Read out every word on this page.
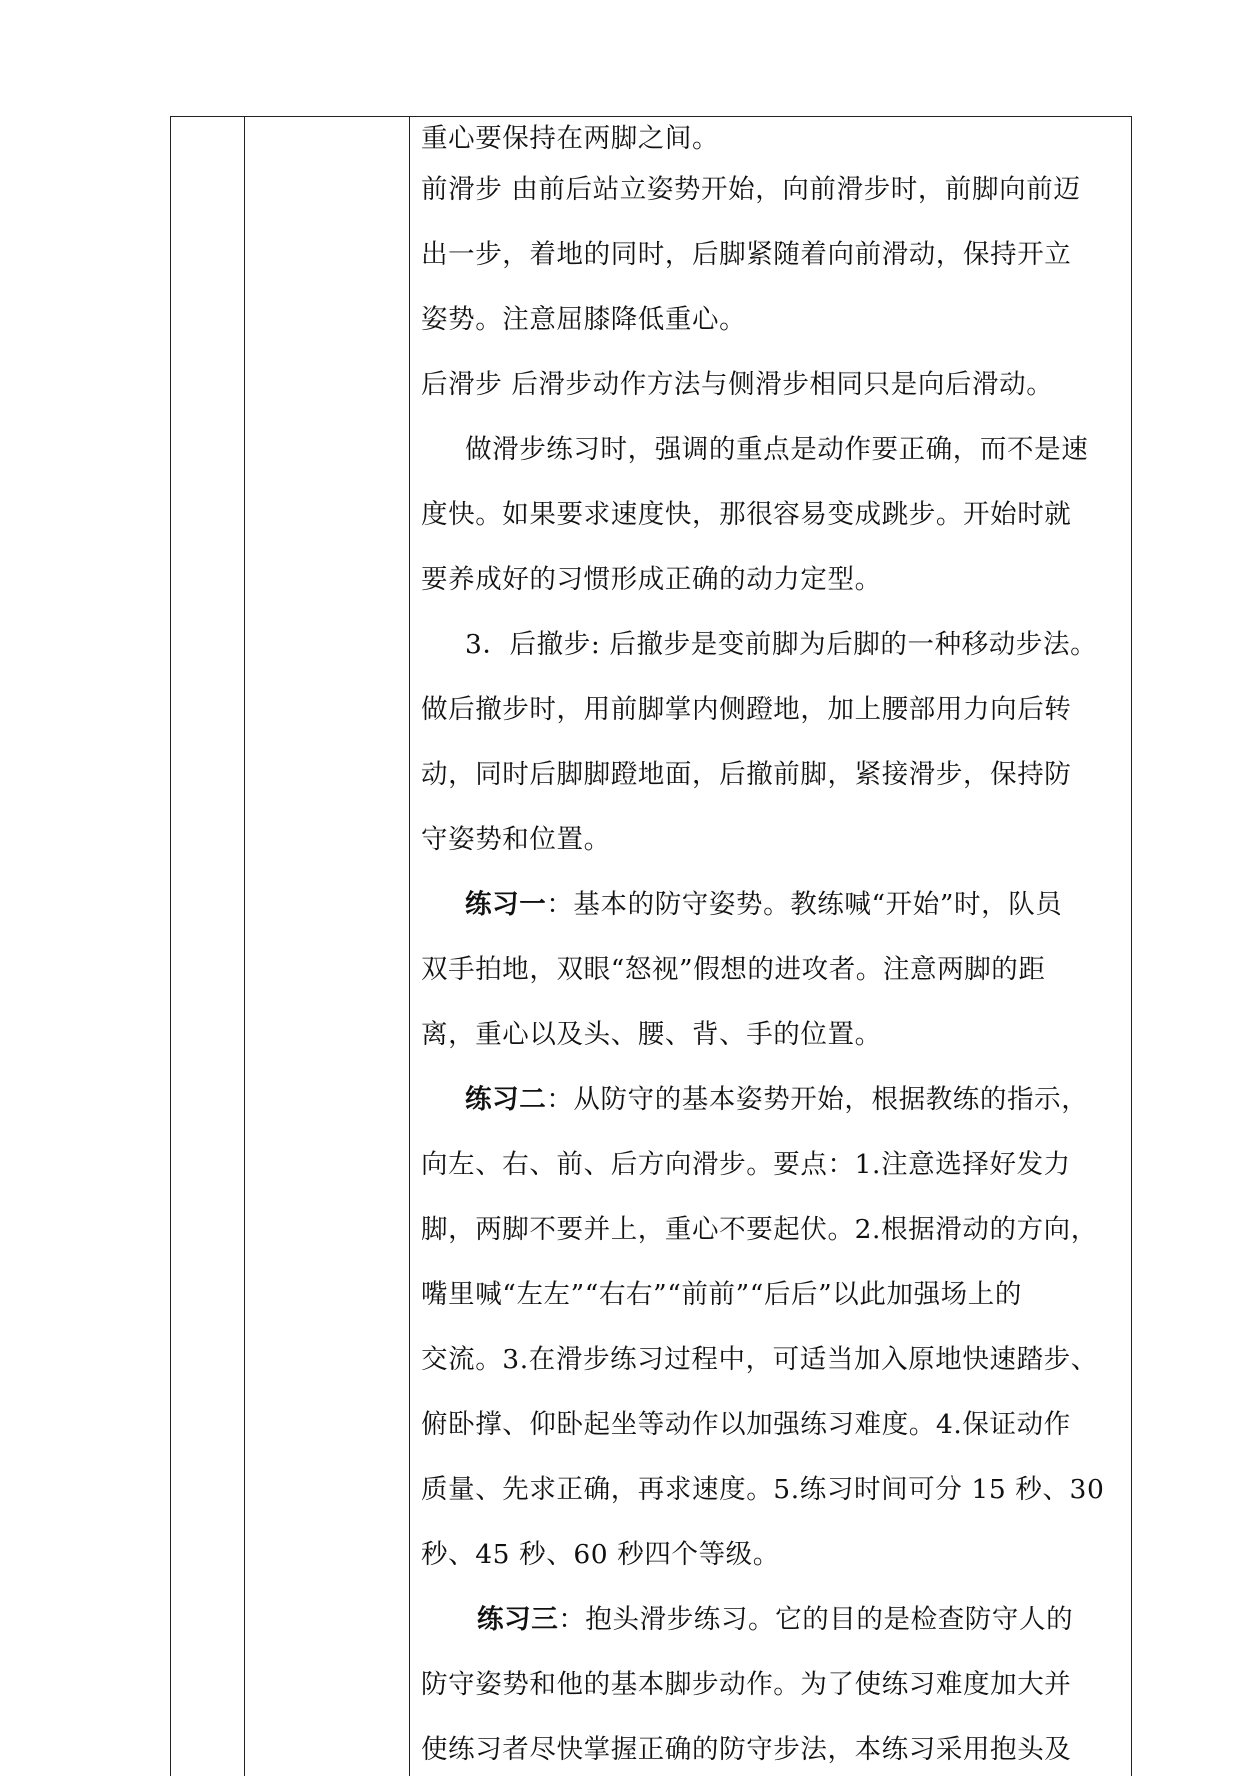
重心要保持在两脚之间。
前滑步 由前后站立姿势开始，向前滑步时，前脚向前迈
出一步，着地的同时，后脚紧随着向前滑动，保持开立
姿势。注意屈膝降低重心。
后滑步 后滑步动作方法与侧滑步相同只是向后滑动。
做滑步练习时，强调的重点是动作要正确，而不是速
度快。如果要求速度快，那很容易变成跳步。开始时就
要养成好的习惯形成正确的动力定型。
3．后撤步: 后撤步是变前脚为后脚的一种移动步法。
做后撤步时，用前脚掌内侧蹬地，加上腰部用力向后转
动，同时后脚脚蹬地面，后撤前脚，紧接滑步，保持防
守姿势和位置。
练习一：基本的防守姿势。教练喊“开始”时，队员
双手拍地，双眼“怒视”假想的进攻者。注意两脚的距
离，重心以及头、腰、背、手的位置。
练习二：从防守的基本姿势开始，根据教练的指示，
向左、右、前、后方向滑步。要点：1.注意选择好发力
脚，两脚不要并上，重心不要起伏。2.根据滑动的方向，
嘴里喊“左左”“右右”“前前”“后后”以此加强场上的
交流。3.在滑步练习过程中，可适当加入原地快速踏步、
俯卧撑、仰卧起坐等动作以加强练习难度。4.保证动作
质量、先求正确，再求速度。5.练习时间可分 15 秒、30
秒、45 秒、60 秒四个等级。
练习三：抱头滑步练习。它的目的是检查防守人的
防守姿势和他的基本脚步动作。为了使练习难度加大并
使练习者尽快掌握正确的防守步法，本练习采用抱头及
